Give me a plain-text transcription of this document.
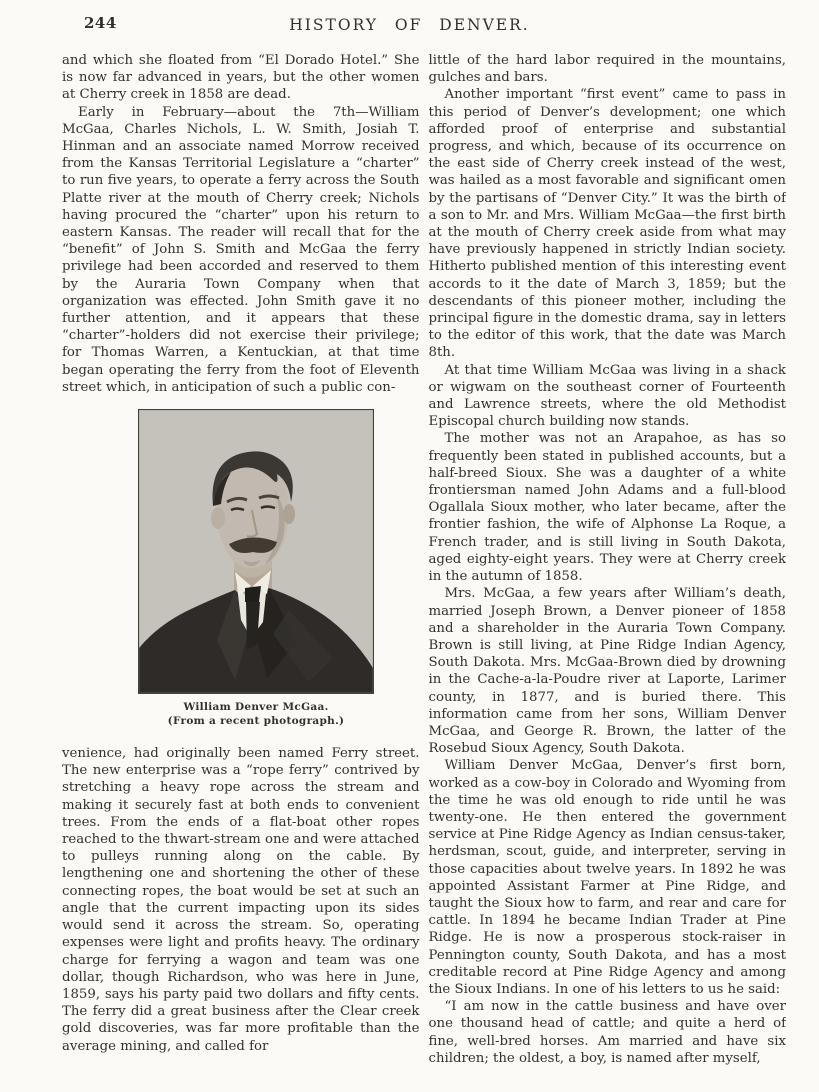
244	HISTORY OF DENVER.

and which she floated from “El Dorado Hotel.” She is now far advanced in years, but the other women at Cherry creek in 1858 are dead.

Early in February—about the 7th—William McGaa, Charles Nichols, L. W. Smith, Josiah T. Hinman and an associate named Morrow received from the Kansas Territorial Legislature a “charter” to run five years, to operate a ferry across the South Platte river at the mouth of Cherry creek; Nichols having procured the “charter” upon his return to eastern Kansas. The reader will recall that for the “benefit” of John S. Smith and McGaa the ferry privilege had been accorded and reserved to them by the Auraria Town Company when that organization was effected. John Smith gave it no further attention, and it appears that these “charter”-holders did not exercise their privilege; for Thomas Warren, a Kentuckian, at that time began operating the ferry from the foot of Eleventh street which, in anticipation of such a public con-

William Denver McGaa.
(From a recent photograph.)

venience, had originally been named Ferry street. The new enterprise was a “rope ferry” contrived by stretching a heavy rope across the stream and making it securely fast at both ends to convenient trees. From the ends of a flat-boat other ropes reached to the thwart-stream one and were attached to pulleys running along on the cable. By lengthening one and shortening the other of these connecting ropes, the boat would be set at such an angle that the current impacting upon its sides would send it across the stream. So, operating expenses were light and profits heavy. The ordinary charge for ferrying a wagon and team was one dollar, though Richardson, who was here in June, 1859, says his party paid two dollars and fifty cents. The ferry did a great business after the Clear creek gold discoveries, was far more profitable than the average mining, and called for

little of the hard labor required in the mountains, gulches and bars.

Another important “first event” came to pass in this period of Denver’s development; one which afforded proof of enterprise and substantial progress, and which, because of its occurrence on the east side of Cherry creek instead of the west, was hailed as a most favorable and significant omen by the partisans of “Denver City.” It was the birth of a son to Mr. and Mrs. William McGaa—the first birth at the mouth of Cherry creek aside from what may have previously happened in strictly Indian society. Hitherto published mention of this interesting event accords to it the date of March 3, 1859; but the descendants of this pioneer mother, including the principal figure in the domestic drama, say in letters to the editor of this work, that the date was March 8th.

At that time William McGaa was living in a shack or wigwam on the southeast corner of Fourteenth and Lawrence streets, where the old Methodist Episcopal church building now stands.

The mother was not an Arapahoe, as has so frequently been stated in published accounts, but a half-breed Sioux. She was a daughter of a white frontiersman named John Adams and a full-blood Ogallala Sioux mother, who later became, after the frontier fashion, the wife of Alphonse La Roque, a French trader, and is still living in South Dakota, aged eighty-eight years. They were at Cherry creek in the autumn of 1858.

Mrs. McGaa, a few years after William’s death, married Joseph Brown, a Denver pioneer of 1858 and a shareholder in the Auraria Town Company. Brown is still living, at Pine Ridge Indian Agency, South Dakota. Mrs. McGaa-Brown died by drowning in the Cache-a-la-Poudre river at Laporte, Larimer county, in 1877, and is buried there. This information came from her sons, William Denver McGaa, and George R. Brown, the latter of the Rosebud Sioux Agency, South Dakota.

William Denver McGaa, Denver’s first born, worked as a cow-boy in Colorado and Wyoming from the time he was old enough to ride until he was twenty-one. He then entered the government service at Pine Ridge Agency as Indian census-taker, herdsman, scout, guide, and interpreter, serving in those capacities about twelve years. In 1892 he was appointed Assistant Farmer at Pine Ridge, and taught the Sioux how to farm, and rear and care for cattle. In 1894 he became Indian Trader at Pine Ridge. He is now a prosperous stock-raiser in Pennington county, South Dakota, and has a most creditable record at Pine Ridge Agency and among the Sioux Indians. In one of his letters to us he said:

“I am now in the cattle business and have over one thousand head of cattle; and quite a herd of fine, well-bred horses. Am married and have six children; the oldest, a boy, is named after myself,
